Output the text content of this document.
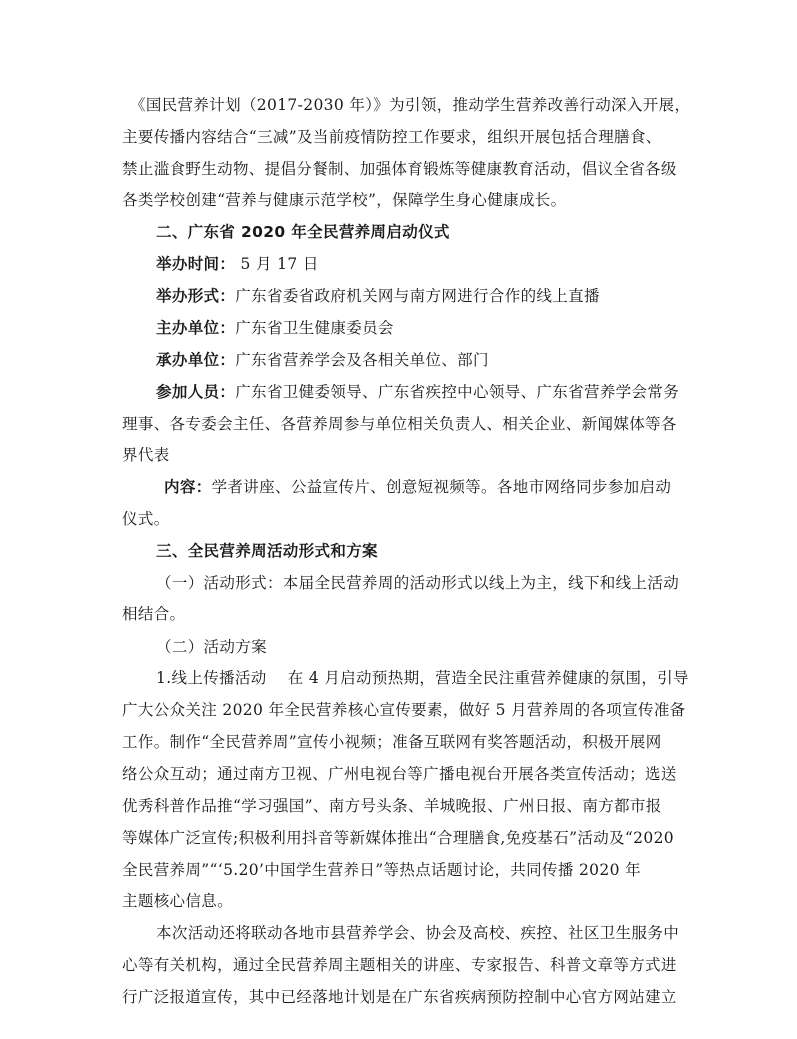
《国民营养计划（2017-2030 年）》为引领，推动学生营养改善行动深入开展，
主要传播内容结合“三减”及当前疫情防控工作要求，组织开展包括合理膳食、
禁止滥食野生动物、提倡分餐制、加强体育锻炼等健康教育活动，倡议全省各级
各类学校创建“营养与健康示范学校”，保障学生身心健康成长。
二、广东省 2020 年全民营养周启动仪式
举办时间： 5 月 17 日
举办形式：广东省委省政府机关网与南方网进行合作的线上直播
主办单位：广东省卫生健康委员会
承办单位：广东省营养学会及各相关单位、部门
参加人员：广东省卫健委领导、广东省疾控中心领导、广东省营养学会常务
理事、各专委会主任、各营养周参与单位相关负责人、相关企业、新闻媒体等各
界代表
内容：学者讲座、公益宣传片、创意短视频等。各地市网络同步参加启动
仪式。
三、全民营养周活动形式和方案
（一）活动形式：本届全民营养周的活动形式以线上为主，线下和线上活动
相结合。
（二）活动方案
1.线上传播活动　 在 4 月启动预热期，营造全民注重营养健康的氛围，引导
广大公众关注 2020 年全民营养核心宣传要素，做好 5 月营养周的各项宣传准备
工作。制作“全民营养周”宣传小视频；准备互联网有奖答题活动，积极开展网
络公众互动；通过南方卫视、广州电视台等广播电视台开展各类宣传活动；选送
优秀科普作品推“学习强国”、南方号头条、羊城晚报、广州日报、南方都市报
等媒体广泛宣传;积极利用抖音等新媒体推出“合理膳食,免疫基石”活动及“2020
全民营养周”“‘5.20’中国学生营养日”等热点话题讨论，共同传播 2020 年
主题核心信息。
本次活动还将联动各地市县营养学会、协会及高校、疾控、社区卫生服务中
心等有关机构，通过全民营养周主题相关的讲座、专家报告、科普文章等方式进
行广泛报道宣传，其中已经落地计划是在广东省疾病预防控制中心官方网站建立
